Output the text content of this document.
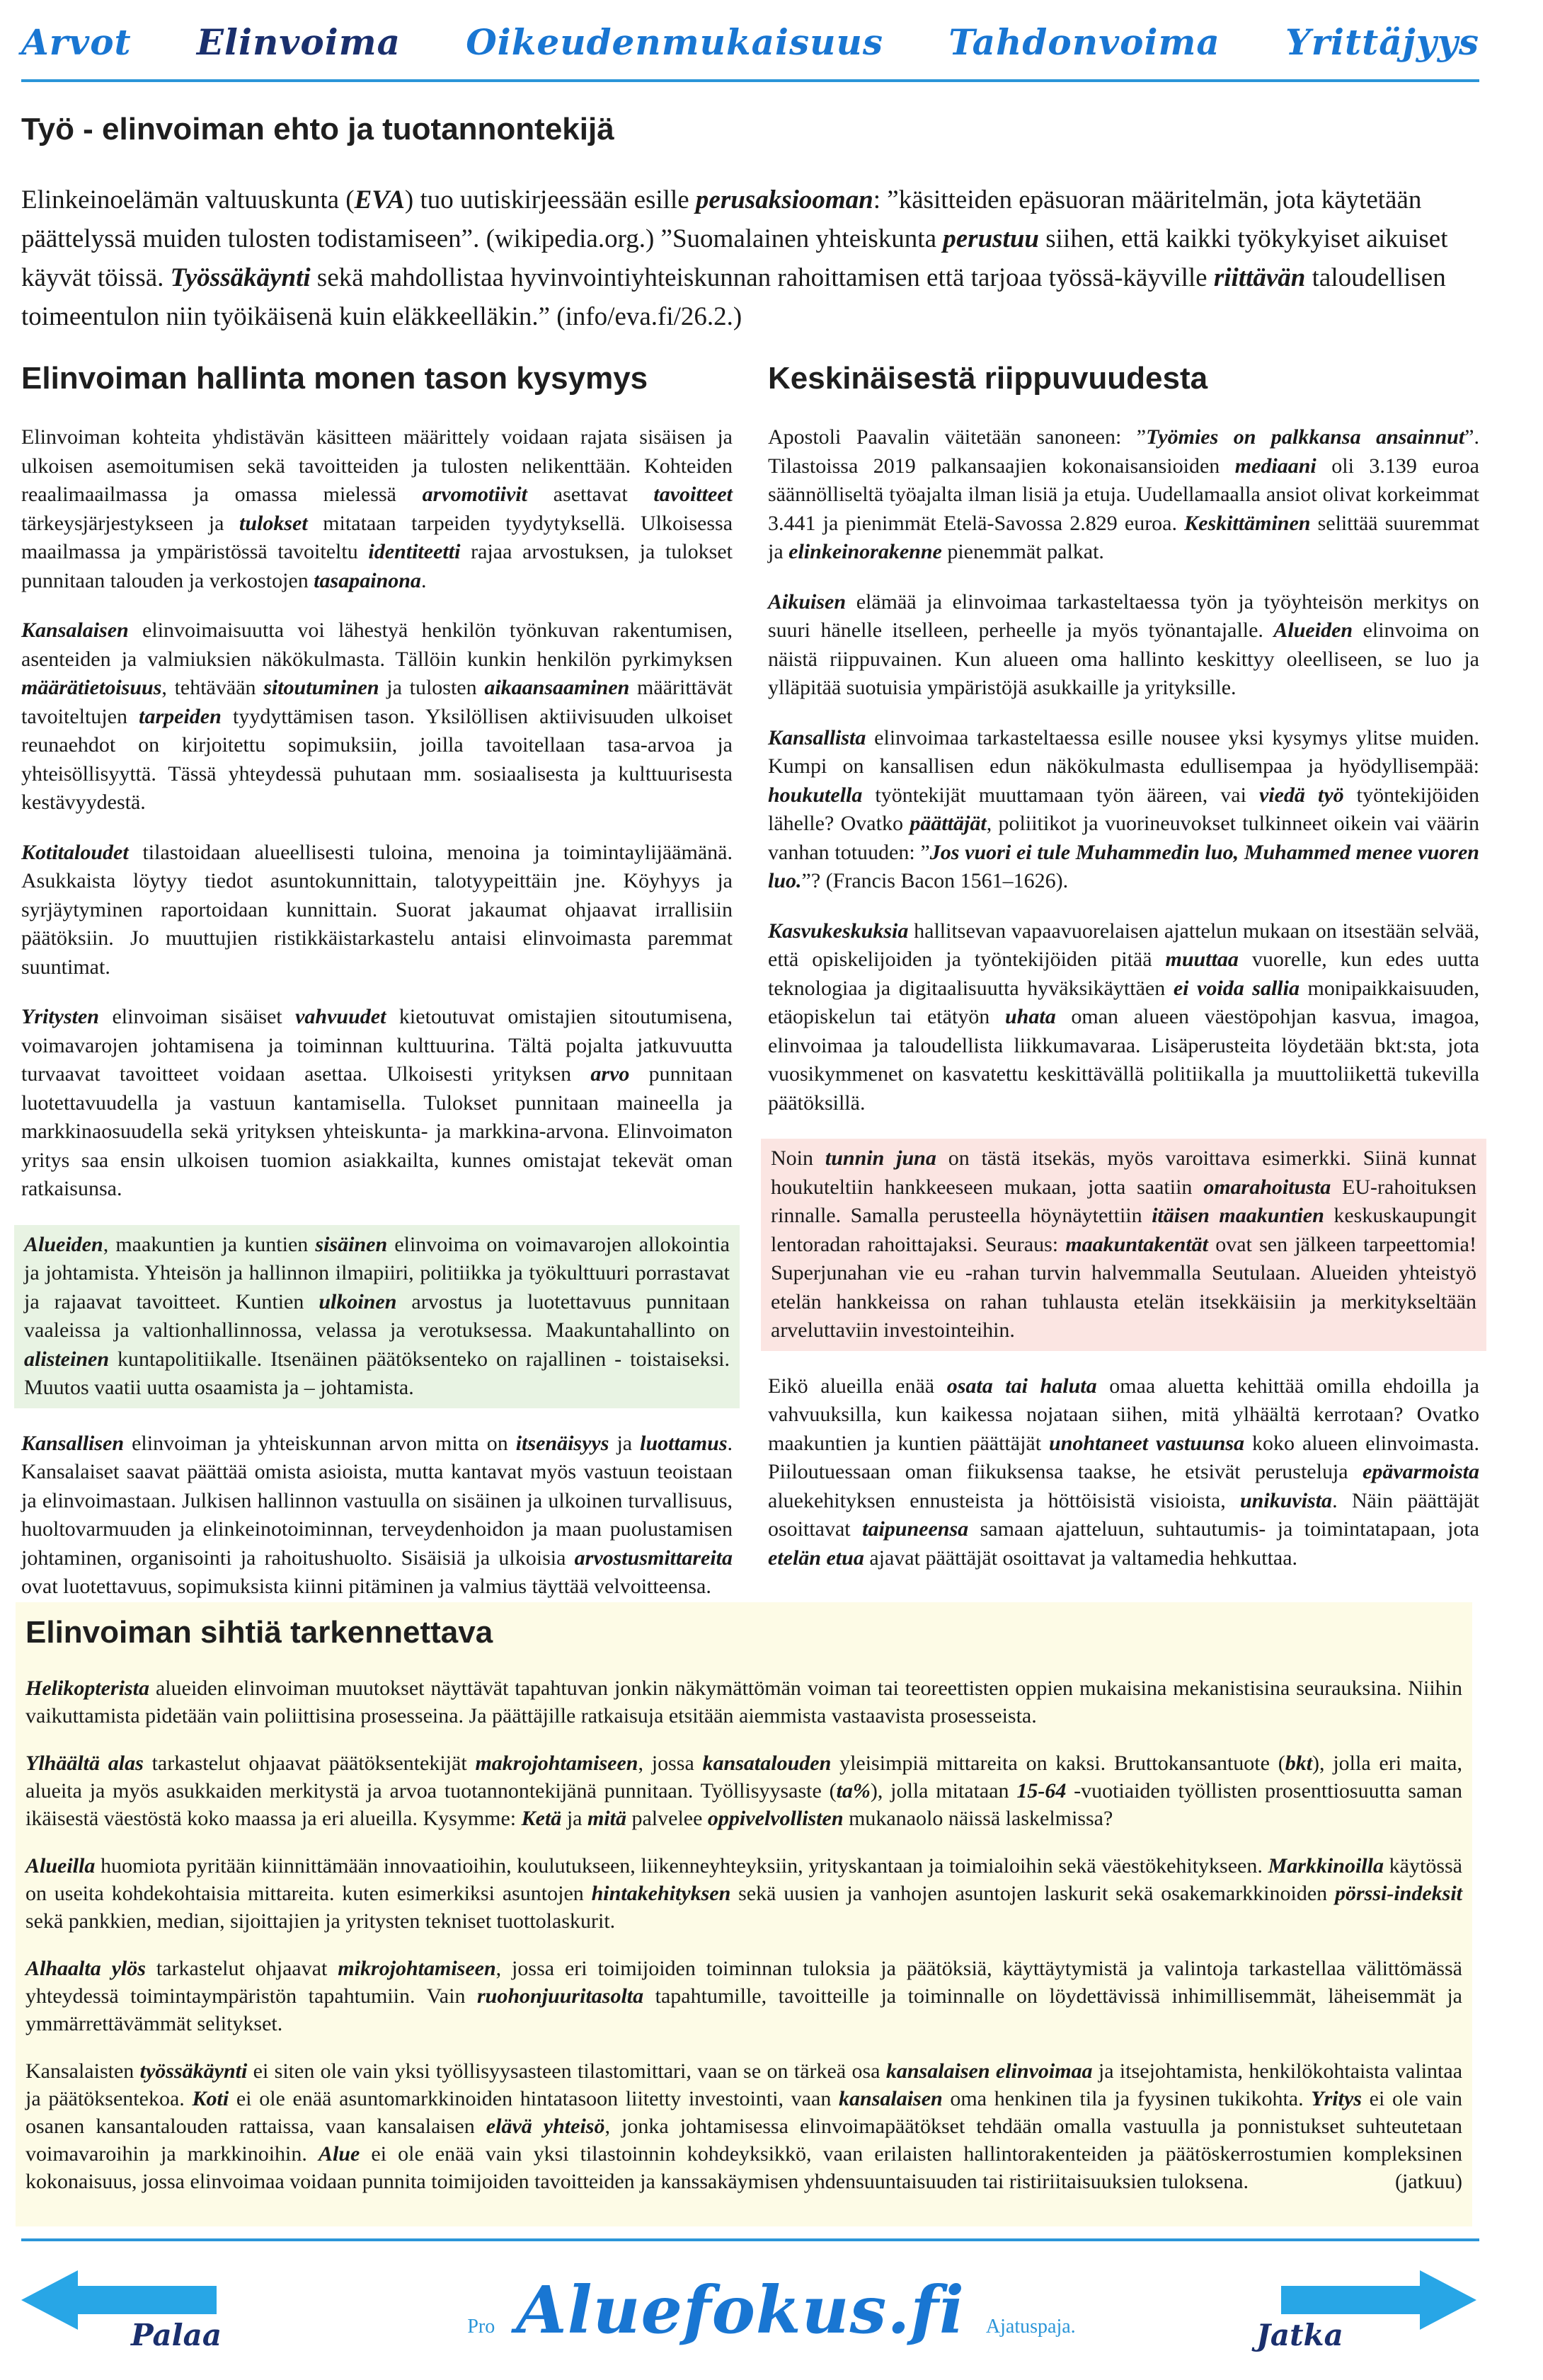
Arvot Elinvoima Oikeudenmukaisuus Tahdonvoima Yrittäjyys
Työ - elinvoiman ehto ja tuotannontekijä

Elinkeinoelämän valtuuskunta (EVA) tuo uutiskirjeessään esille perusaksiooman: ”käsitteiden epäsuoran määritelmän, jota käytetään päättelyssä muiden tulosten todistamiseen”. (wikipedia.org.) ”Suomalainen yhteiskunta perustuu siihen, että kaikki työkykyiset aikuiset käyvät töissä. Työssäkäynti sekä mahdollistaa hyvinvointiyhteiskunnan rahoittamisen että tarjoaa työssä-käyville riittävän taloudellisen toimeentulon niin työikäisenä kuin eläkkeelläkin.” (info/eva.fi/26.2.)

Elinvoiman hallinta monen tason kysymys

Elinvoiman kohteita yhdistävän käsitteen määrittely voidaan rajata sisäisen ja ulkoisen asemoitumisen sekä tavoitteiden ja tulosten nelikenttään. Kohteiden reaalimaailmassa ja omassa mielessä arvomotiivit asettavat tavoitteet tärkeysjärjestykseen ja tulokset mitataan tarpeiden tyydytyksellä. Ulkoisessa maailmassa ja ympäristössä tavoiteltu identiteetti rajaa arvostuksen, ja tulokset punnitaan talouden ja verkostojen tasapainona.

Kansalaisen elinvoimaisuutta voi lähestyä henkilön työnkuvan rakentumisen, asenteiden ja valmiuksien näkökulmasta. Tällöin kunkin henkilön pyrkimyksen määrätietoisuus, tehtävään sitoutuminen ja tulosten aikaansaaminen määrittävät tavoiteltujen tarpeiden tyydyttämisen tason. Yksilöllisen aktiivisuuden ulkoiset reunaehdot on kirjoitettu sopimuksiin, joilla tavoitellaan tasa-arvoa ja yhteisöllisyyttä. Tässä yhteydessä puhutaan mm. sosiaalisesta ja kulttuurisesta kestävyydestä.

Kotitaloudet tilastoidaan alueellisesti tuloina, menoina ja toimintaylijäämänä. Asukkaista löytyy tiedot asuntokunnittain, talotyypeittäin jne. Köyhyys ja syrjäytyminen raportoidaan kunnittain. Suorat jakaumat ohjaavat irrallisiin päätöksiin. Jo muuttujien ristikkäistarkastelu antaisi elinvoimasta paremmat suuntimat.

Yritysten elinvoiman sisäiset vahvuudet kietoutuvat omistajien sitoutumisena, voimavarojen johtamisena ja toiminnan kulttuurina. Tältä pojalta jatkuvuutta turvaavat tavoitteet voidaan asettaa. Ulkoisesti yrityksen arvo punnitaan luotettavuudella ja vastuun kantamisella. Tulokset punnitaan maineella ja markkinaosuudella sekä yrityksen yhteiskunta- ja markkina-arvona. Elinvoimaton yritys saa ensin ulkoisen tuomion asiakkailta, kunnes omistajat tekevät oman ratkaisunsa.

Alueiden, maakuntien ja kuntien sisäinen elinvoima on voimavarojen allokointia ja johtamista. Yhteisön ja hallinnon ilmapiiri, politiikka ja työkulttuuri porrastavat ja rajaavat tavoitteet. Kuntien ulkoinen arvostus ja luotettavuus punnitaan vaaleissa ja valtionhallinnossa, velassa ja verotuksessa. Maakuntahallinto on alisteinen kuntapolitiikalle. Itsenäinen päätöksenteko on rajallinen - toistaiseksi. Muutos vaatii uutta osaamista ja – johtamista.

Kansallisen elinvoiman ja yhteiskunnan arvon mitta on itsenäisyys ja luottamus. Kansalaiset saavat päättää omista asioista, mutta kantavat myös vastuun teoistaan ja elinvoimastaan. Julkisen hallinnon vastuulla on sisäinen ja ulkoinen turvallisuus, huoltovarmuuden ja elinkeinotoiminnan, terveydenhoidon ja maan puolustamisen johtaminen, organisointi ja rahoitushuolto. Sisäisiä ja ulkoisia arvostusmittareita ovat luotettavuus, sopimuksista kiinni pitäminen ja valmius täyttää velvoitteensa.

Keskinäisestä riippuvuudesta

Apostoli Paavalin väitetään sanoneen: ”Työmies on palkkansa ansainnut”. Tilastoissa 2019 palkansaajien kokonaisansioiden mediaani oli 3.139 euroa säännölliseltä työajalta ilman lisiä ja etuja. Uudellamaalla ansiot olivat korkeimmat 3.441 ja pienimmät Etelä-Savossa 2.829 euroa. Keskittäminen selittää suuremmat ja elinkeinorakenne pienemmät palkat.

Aikuisen elämää ja elinvoimaa tarkasteltaessa työn ja työyhteisön merkitys on suuri hänelle itselleen, perheelle ja myös työnantajalle. Alueiden elinvoima on näistä riippuvainen. Kun alueen oma hallinto keskittyy oleelliseen, se luo ja ylläpitää suotuisia ympäristöjä asukkaille ja yrityksille.

Kansallista elinvoimaa tarkasteltaessa esille nousee yksi kysymys ylitse muiden. Kumpi on kansallisen edun näkökulmasta edullisempaa ja hyödyllisempää: houkutella työntekijät muuttamaan työn ääreen, vai viedä työ työntekijöiden lähelle? Ovatko päättäjät, poliitikot ja vuorineuvokset tulkinneet oikein vai väärin vanhan totuuden: ”Jos vuori ei tule Muhammedin luo, Muhammed menee vuoren luo.”? (Francis Bacon 1561–1626).

Kasvukeskuksia hallitsevan vapaavuorelaisen ajattelun mukaan on itsestään selvää, että opiskelijoiden ja työntekijöiden pitää muuttaa vuorelle, kun edes uutta teknologiaa ja digitaalisuutta hyväksikäyttäen ei voida sallia monipaikkaisuuden, etäopiskelun tai etätyön uhata oman alueen väestöpohjan kasvua, imagoa, elinvoimaa ja taloudellista liikkumavaraa. Lisäperusteita löydetään bkt:sta, jota vuosikymmenet on kasvatettu keskittävällä politiikalla ja muuttoliikettä tukevilla päätöksillä.

Noin tunnin juna on tästä itsekäs, myös varoittava esimerkki. Siinä kunnat houkuteltiin hankkeeseen mukaan, jotta saatiin omarahoitusta EU-rahoituksen rinnalle. Samalla perusteella höynäytettiin itäisen maakuntien keskuskaupungit lentoradan rahoittajaksi. Seuraus: maakuntakentät ovat sen jälkeen tarpeettomia! Superjunahan vie eu -rahan turvin halvemmalla Seutulaan. Alueiden yhteistyö etelän hankkeissa on rahan tuhlausta etelän itsekkäisiin ja merkitykseltään arveluttaviin investointeihin.

Eikö alueilla enää osata tai haluta omaa aluetta kehittää omilla ehdoilla ja vahvuuksilla, kun kaikessa nojataan siihen, mitä ylhäältä kerrotaan? Ovatko maakuntien ja kuntien päättäjät unohtaneet vastuunsa koko alueen elinvoimasta. Piiloutuessaan oman fiikuksensa taakse, he etsivät perusteluja epävarmoista aluekehityksen ennusteista ja höttöisistä visioista, unikuvista. Näin päättäjät osoittavat taipuneensa samaan ajatteluun, suhtautumis- ja toimintatapaan, jota etelän etua ajavat päättäjät osoittavat ja valtamedia hehkuttaa.

Elinvoiman sihtiä tarkennettava

Helikopterista alueiden elinvoiman muutokset näyttävät tapahtuvan jonkin näkymättömän voiman tai teoreettisten oppien mukaisina mekanistisina seurauksina. Niihin vaikuttamista pidetään vain poliittisina prosesseina. Ja päättäjille ratkaisuja etsitään aiemmista vastaavista prosesseista.

Ylhäältä alas tarkastelut ohjaavat päätöksentekijät makrojohtamiseen, jossa kansatalouden yleisimpiä mittareita on kaksi. Bruttokansantuote (bkt), jolla eri maita, alueita ja myös asukkaiden merkitystä ja arvoa tuotannontekijänä punnitaan. Työllisyysaste (ta%), jolla mitataan 15-64 -vuotiaiden työllisten prosenttiosuutta saman ikäisestä väestöstä koko maassa ja eri alueilla. Kysymme: Ketä ja mitä palvelee oppivelvollisten mukanaolo näissä laskelmissa?

Alueilla huomiota pyritään kiinnittämään innovaatioihin, koulutukseen, liikenneyhteyksiin, yrityskantaan ja toimialoihin sekä väestökehitykseen. Markkinoilla käytössä on useita kohdekohtaisia mittareita. kuten esimerkiksi asuntojen hintakehityksen sekä uusien ja vanhojen asuntojen laskurit sekä osakemarkkinoiden pörssi-indeksit sekä pankkien, median, sijoittajien ja yritysten tekniset tuottolaskurit.

Alhaalta ylös tarkastelut ohjaavat mikrojohtamiseen, jossa eri toimijoiden toiminnan tuloksia ja päätöksiä, käyttäytymistä ja valintoja tarkastellaa välittömässä yhteydessä toimintaympäristön tapahtumiin. Vain ruohonjuuritasolta tapahtumille, tavoitteille ja toiminnalle on löydettävissä inhimillisemmät, läheisemmät ja ymmärrettävämmät selitykset.

Kansalaisten työssäkäynti ei siten ole vain yksi työllisyysasteen tilastomittari, vaan se on tärkeä osa kansalaisen elinvoimaa ja itsejohtamista, henkilökohtaista valintaa ja päätöksentekoa. Koti ei ole enää asuntomarkkinoiden hintatasoon liitetty investointi, vaan kansalaisen oma henkinen tila ja fyysinen tukikohta. Yritys ei ole vain osanen kansantalouden rattaissa, vaan kansalaisen elävä yhteisö, jonka johtamisessa elinvoimapäätökset tehdään omalla vastuulla ja ponnistukset suhteutetaan voimavaroihin ja markkinoihin. Alue ei ole enää vain yksi tilastoinnin kohdeyksikkö, vaan erilaisten hallintorakenteiden ja päätöskerrostumien kompleksinen kokonaisuus, jossa elinvoimaa voidaan punnita toimijoiden tavoitteiden ja kanssakäymisen yhdensuuntaisuuden tai ristiriitaisuuksien tuloksena.	(jatkuu)

Palaa	Pro Aluefokus.fi Ajatuspaja.	Jatka
